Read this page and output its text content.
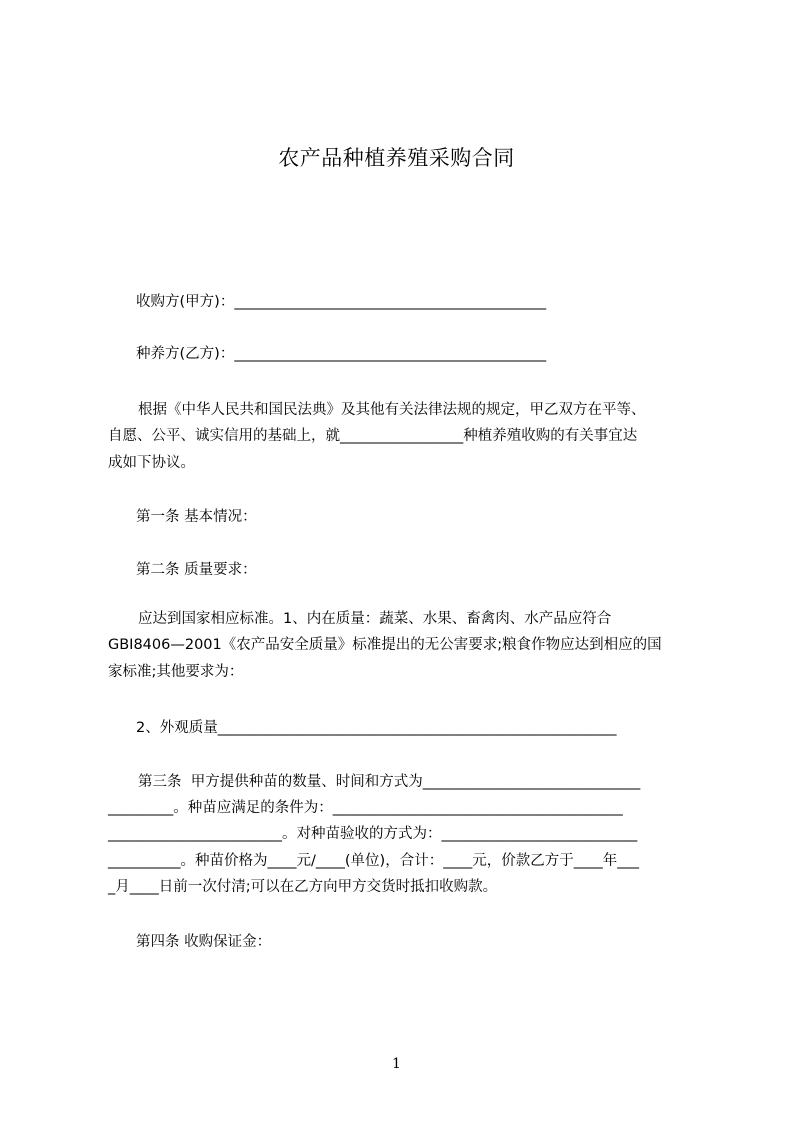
农产品种植养殖采购合同
收购方(甲方)：___________________________________________
种养方(乙方)：___________________________________________
根据《中华人民共和国民法典》及其他有关法律法规的规定，甲乙双方在平等、
自愿、公平、诚实信用的基础上，就_________________种植养殖收购的有关事宜达
成如下协议。
第一条 基本情况：
第二条 质量要求：
应达到国家相应标准。1、内在质量：蔬菜、水果、畜禽肉、水产品应符合
GBI8406—2001《农产品安全质量》标准提出的无公害要求;粮食作物应达到相应的国
家标准;其他要求为：
2、外观质量_______________________________________________________
第三条  甲方提供种苗的数量、时间和方式为______________________________
_________。种苗应满足的条件为：________________________________________
________________________。对种苗验收的方式为：___________________________
__________。种苗价格为____元/____(单位)，合计：____元，价款乙方于____年___
_月____日前一次付清;可以在乙方向甲方交货时抵扣收购款。
第四条 收购保证金：
1
